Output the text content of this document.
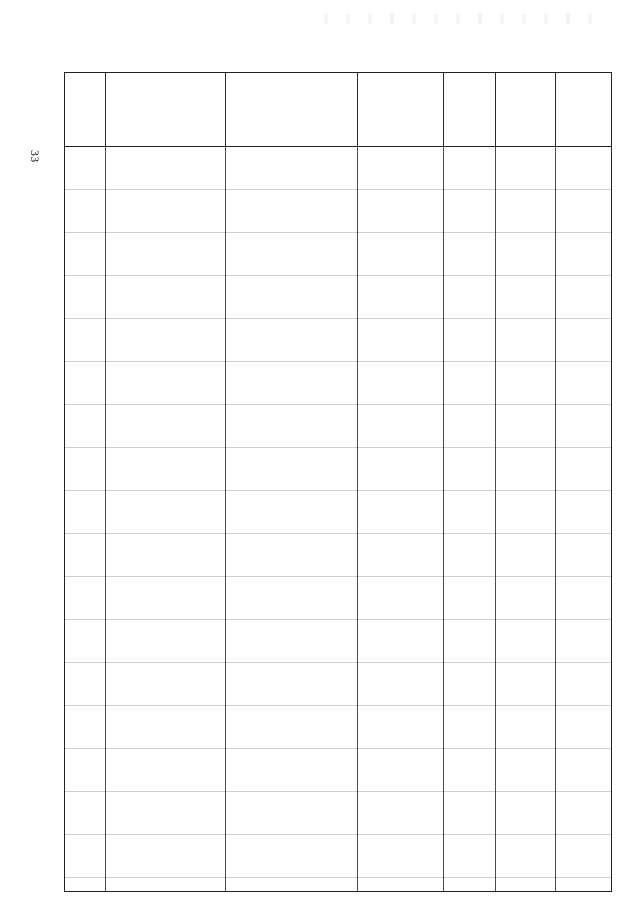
33
